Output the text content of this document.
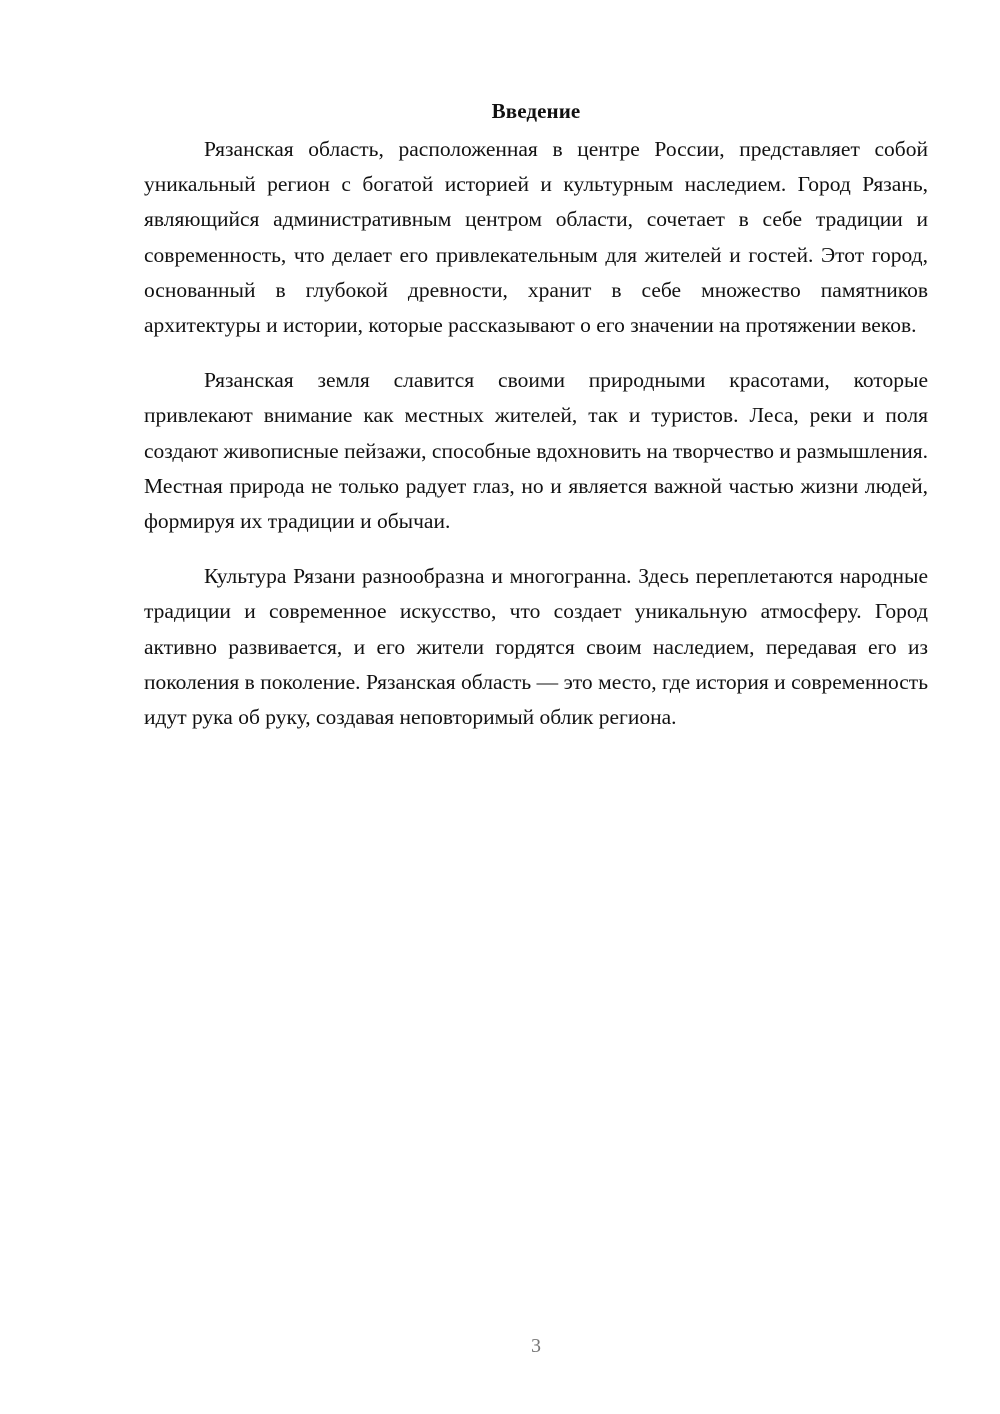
Введение

Рязанская область, расположенная в центре России, представляет собой уникальный регион с богатой историей и культурным наследием. Город Рязань, являющийся административным центром области, сочетает в себе традиции и современность, что делает его привлекательным для жителей и гостей. Этот город, основанный в глубокой древности, хранит в себе множество памятников архитектуры и истории, которые рассказывают о его значении на протяжении веков.

Рязанская земля славится своими природными красотами, которые привлекают внимание как местных жителей, так и туристов. Леса, реки и поля создают живописные пейзажи, способные вдохновить на творчество и размышления. Местная природа не только радует глаз, но и является важной частью жизни людей, формируя их традиции и обычаи.

Культура Рязани разнообразна и многогранна. Здесь переплетаются народные традиции и современное искусство, что создает уникальную атмосферу. Город активно развивается, и его жители гордятся своим наследием, передавая его из поколения в поколение. Рязанская область — это место, где история и современность идут рука об руку, создавая неповторимый облик региона.

3
